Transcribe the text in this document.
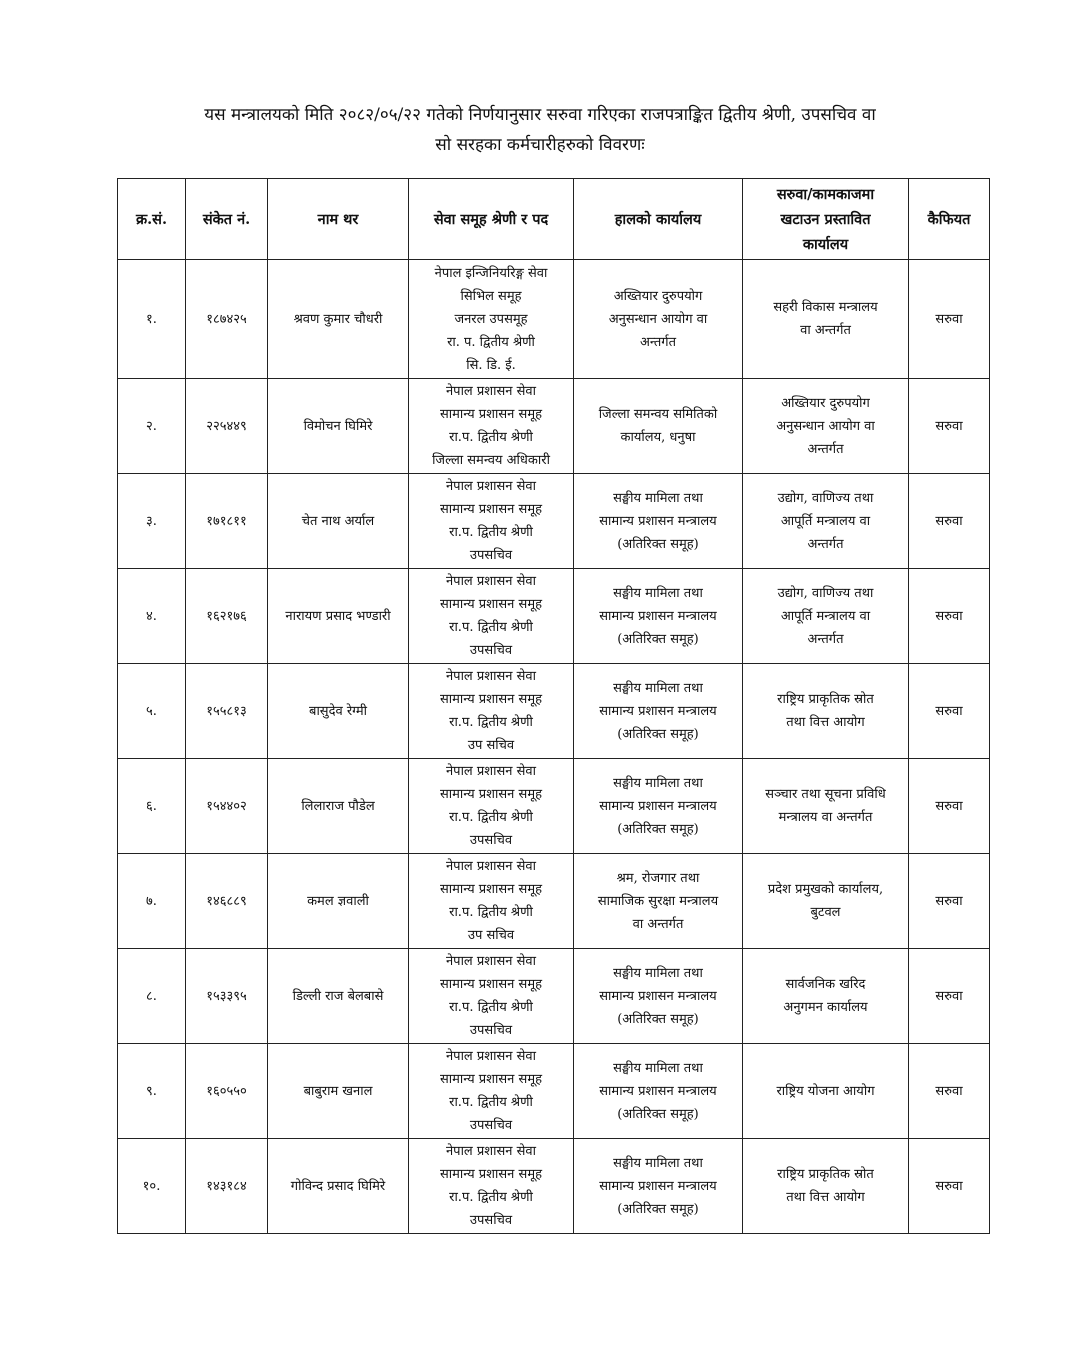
यस मन्त्रालयको मिति २०८२/०५/२२ गतेको निर्णयानुसार सरुवा गरिएका राजपत्राङ्कित द्वितीय श्रेणी, उपसचिव वा
सो सरहका कर्मचारीहरुको विवरणः
क्र.सं.	संकेत नं.	नाम थर	सेवा समूह श्रेणी र पद	हालको कार्यालय	सरुवा/कामकाजमा
खटाउन प्रस्तावित
कार्यालय	कैफियत
१.	१८७४२५	श्रवण कुमार चौधरी	नेपाल इन्जिनियरिङ्ग सेवा
सिभिल समूह
जनरल उपसमूह
रा. प. द्वितीय श्रेणी
सि. डि. ई.	अख्तियार दुरुपयोग
अनुसन्धान आयोग वा
अन्तर्गत	सहरी विकास मन्त्रालय
वा अन्तर्गत	सरुवा
२.	२२५४४९	विमोचन घिमिरे	नेपाल प्रशासन सेवा
सामान्य प्रशासन समूह
रा.प. द्वितीय श्रेणी
जिल्ला समन्वय अधिकारी	जिल्ला समन्वय समितिको
कार्यालय, धनुषा	अख्तियार दुरुपयोग
अनुसन्धान आयोग वा
अन्तर्गत	सरुवा
३.	१७१८११	चेत नाथ अर्याल	नेपाल प्रशासन सेवा
सामान्य प्रशासन समूह
रा.प. द्वितीय श्रेणी
उपसचिव	सङ्घीय मामिला तथा
सामान्य प्रशासन मन्त्रालय
(अतिरिक्त समूह)	उद्योग, वाणिज्य तथा
आपूर्ति मन्त्रालय वा
अन्तर्गत	सरुवा
४.	१६२१७६	नारायण प्रसाद भण्डारी	नेपाल प्रशासन सेवा
सामान्य प्रशासन समूह
रा.प. द्वितीय श्रेणी
उपसचिव	सङ्घीय मामिला तथा
सामान्य प्रशासन मन्त्रालय
(अतिरिक्त समूह)	उद्योग, वाणिज्य तथा
आपूर्ति मन्त्रालय वा
अन्तर्गत	सरुवा
५.	१५५८१३	बासुदेव रेग्मी	नेपाल प्रशासन सेवा
सामान्य प्रशासन समूह
रा.प. द्वितीय श्रेणी
उप सचिव	सङ्घीय मामिला तथा
सामान्य प्रशासन मन्त्रालय
(अतिरिक्त समूह)	राष्ट्रिय प्राकृतिक स्रोत
तथा वित्त आयोग	सरुवा
६.	१५४४०२	लिलाराज पौडेल	नेपाल प्रशासन सेवा
सामान्य प्रशासन समूह
रा.प. द्वितीय श्रेणी
उपसचिव	सङ्घीय मामिला तथा
सामान्य प्रशासन मन्त्रालय
(अतिरिक्त समूह)	सञ्चार तथा सूचना प्रविधि
मन्त्रालय वा अन्तर्गत	सरुवा
७.	१४६८८९	कमल ज्ञवाली	नेपाल प्रशासन सेवा
सामान्य प्रशासन समूह
रा.प. द्वितीय श्रेणी
उप सचिव	श्रम, रोजगार तथा
सामाजिक सुरक्षा मन्त्रालय
वा अन्तर्गत	प्रदेश प्रमुखको कार्यालय,
बुटवल	सरुवा
८.	१५३३९५	डिल्ली राज बेलबासे	नेपाल प्रशासन सेवा
सामान्य प्रशासन समूह
रा.प. द्वितीय श्रेणी
उपसचिव	सङ्घीय मामिला तथा
सामान्य प्रशासन मन्त्रालय
(अतिरिक्त समूह)	सार्वजनिक खरिद
अनुगमन कार्यालय	सरुवा
९.	१६०५५०	बाबुराम खनाल	नेपाल प्रशासन सेवा
सामान्य प्रशासन समूह
रा.प. द्वितीय श्रेणी
उपसचिव	सङ्घीय मामिला तथा
सामान्य प्रशासन मन्त्रालय
(अतिरिक्त समूह)	राष्ट्रिय योजना आयोग	सरुवा
१०.	१४३१८४	गोविन्द प्रसाद घिमिरे	नेपाल प्रशासन सेवा
सामान्य प्रशासन समूह
रा.प. द्वितीय श्रेणी
उपसचिव	सङ्घीय मामिला तथा
सामान्य प्रशासन मन्त्रालय
(अतिरिक्त समूह)	राष्ट्रिय प्राकृतिक स्रोत
तथा वित्त आयोग	सरुवा
